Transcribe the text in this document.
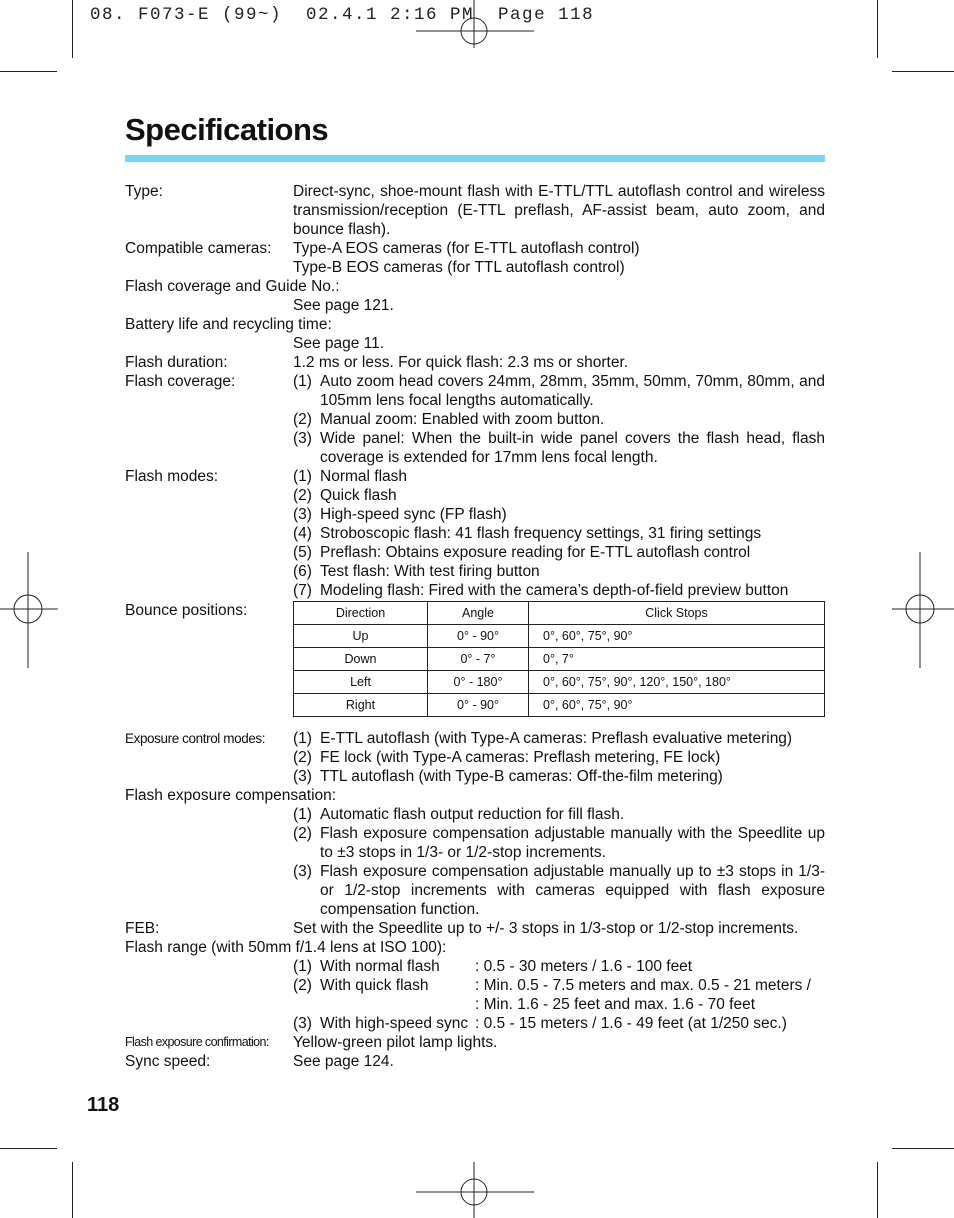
08. F073-E (99~)  02.4.1 2:16 PM  Page 118
Specifications
Type:	Direct-sync, shoe-mount flash with E-TTL/TTL autoflash control and wireless transmission/reception (E-TTL preflash, AF-assist beam, auto zoom, and bounce flash).
Compatible cameras: Type-A EOS cameras (for E-TTL autoflash control)
Type-B EOS cameras (for TTL autoflash control)
Flash coverage and Guide No.:
See page 121.
Battery life and recycling time:
See page 11.
Flash duration:	1.2 ms or less. For quick flash: 2.3 ms or shorter.
Flash coverage:	(1) Auto zoom head covers 24mm, 28mm, 35mm, 50mm, 70mm, 80mm, and 105mm lens focal lengths automatically.
(2) Manual zoom: Enabled with zoom button.
(3) Wide panel: When the built-in wide panel covers the flash head, flash coverage is extended for 17mm lens focal length.
Flash modes:	(1) Normal flash
(2) Quick flash
(3) High-speed sync (FP flash)
(4) Stroboscopic flash: 41 flash frequency settings, 31 firing settings
(5) Preflash: Obtains exposure reading for E-TTL autoflash control
(6) Test flash: With test firing button
(7) Modeling flash: Fired with the camera’s depth-of-field preview button
Bounce positions:	Direction	Angle	Click Stops
Up	0° - 90°	0°, 60°, 75°, 90°
Down	0° - 7°	0°, 7°
Left	0° - 180°	0°, 60°, 75°, 90°, 120°, 150°, 180°
Right	0° - 90°	0°, 60°, 75°, 90°
Exposure control modes: (1) E-TTL autoflash (with Type-A cameras: Preflash evaluative metering)
(2) FE lock (with Type-A cameras: Preflash metering, FE lock)
(3) TTL autoflash (with Type-B cameras: Off-the-film metering)
Flash exposure compensation:
(1) Automatic flash output reduction for fill flash.
(2) Flash exposure compensation adjustable manually with the Speedlite up to ±3 stops in 1/3- or 1/2-stop increments.
(3) Flash exposure compensation adjustable manually up to ±3 stops in 1/3- or 1/2-stop increments with cameras equipped with flash exposure compensation function.
FEB:	Set with the Speedlite up to +/- 3 stops in 1/3-stop or 1/2-stop increments.
Flash range (with 50mm f/1.4 lens at ISO 100):
(1) With normal flash	: 0.5 - 30 meters / 1.6 - 100 feet
(2) With quick flash	: Min. 0.5 - 7.5 meters and max. 0.5 - 21 meters /
: Min. 1.6 - 25 feet and max. 1.6 - 70 feet
(3) With high-speed sync : 0.5 - 15 meters / 1.6 - 49 feet (at 1/250 sec.)
Flash exposure confirmation: Yellow-green pilot lamp lights.
Sync speed:	See page 124.
118
